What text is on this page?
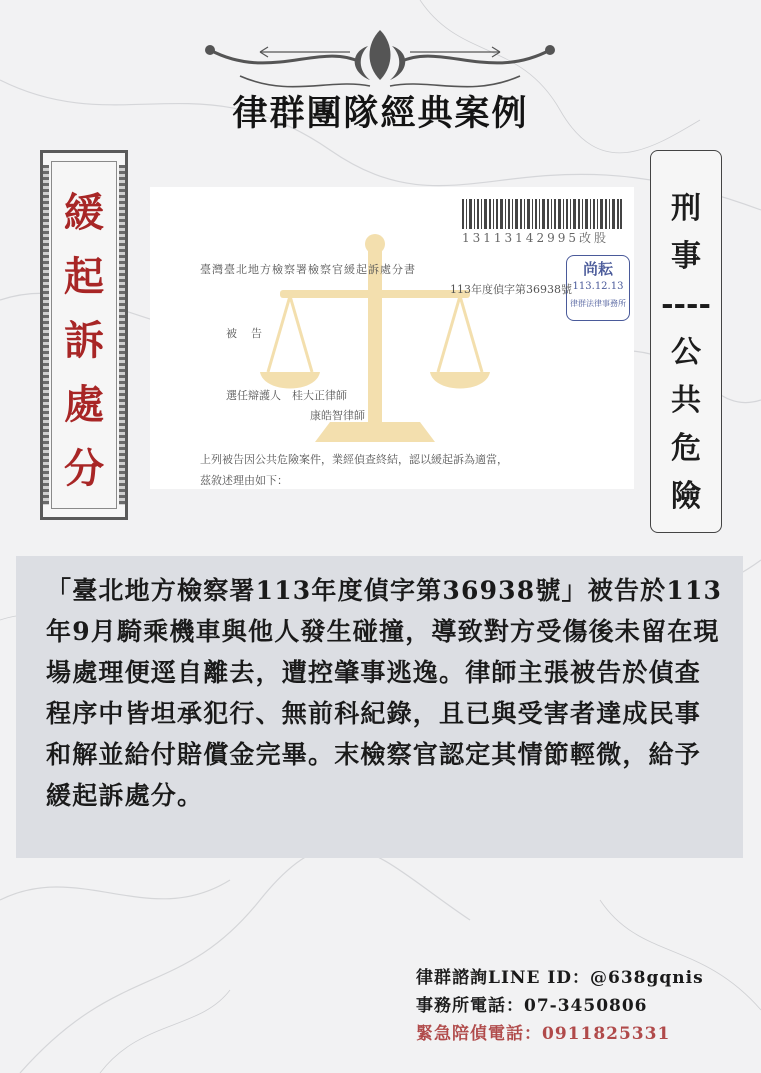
律群團隊經典案例
緩
起
訴
處
分
刑
事
----
公
共
危
險
13113142995改股
尚耘
113.12.13
律群法律事務所
臺灣臺北地方檢察署檢察官緩起訴處分書
113年度偵字第36938號
被告
選任辯護人　桂大正律師
康皓智律師
上列被告因公共危險案件，業經偵查終結，認以緩起訴為適當，
茲敘述理由如下：

「臺北地方檢察署113年度偵字第36938號」被告於113年9月騎乘機車與他人發生碰撞，導致對方受傷後未留在現場處理便逕自離去，遭控肇事逃逸。律師主張被告於偵查程序中皆坦承犯行、無前科紀錄，且已與受害者達成民事和解並給付賠償金完畢。末檢察官認定其情節輕微，給予緩起訴處分。

律群諮詢LINE ID：@638gqnis
事務所電話：07-3450806
緊急陪偵電話：0911825331
